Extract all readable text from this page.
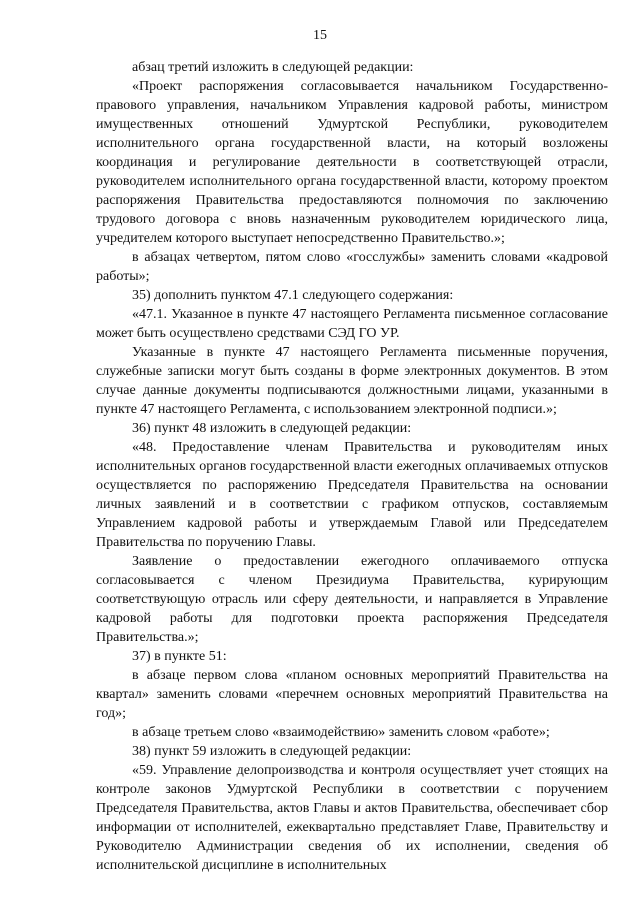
15

абзац третий изложить в следующей редакции:

«Проект распоряжения согласовывается начальником Государственно-правового управления, начальником Управления кадровой работы, министром имущественных отношений Удмуртской Республики, руководителем исполнительного органа государственной власти, на который возложены координация и регулирование деятельности в соответствующей отрасли, руководителем исполнительного органа государственной власти, которому проектом распоряжения Правительства предоставляются полномочия по заключению трудового договора с вновь назначенным руководителем юридического лица, учредителем которого выступает непосредственно Правительство.»;

в абзацах четвертом, пятом слово «госслужбы» заменить словами «кадровой работы»;

35) дополнить пунктом 47.1 следующего содержания:

«47.1. Указанное в пункте 47 настоящего Регламента письменное согласование может быть осуществлено средствами СЭД ГО УР.

Указанные в пункте 47 настоящего Регламента письменные поручения, служебные записки могут быть созданы в форме электронных документов. В этом случае данные документы подписываются должностными лицами, указанными в пункте 47 настоящего Регламента, с использованием электронной подписи.»;

36) пункт 48 изложить в следующей редакции:

«48. Предоставление членам Правительства и руководителям иных исполнительных органов государственной власти ежегодных оплачиваемых отпусков осуществляется по распоряжению Председателя Правительства на основании личных заявлений и в соответствии с графиком отпусков, составляемым Управлением кадровой работы и утверждаемым Главой или Председателем Правительства по поручению Главы.

Заявление о предоставлении ежегодного оплачиваемого отпуска согласовывается с членом Президиума Правительства, курирующим соответствующую отрасль или сферу деятельности, и направляется в Управление кадровой работы для подготовки проекта распоряжения Председателя Правительства.»;

37) в пункте 51:

в абзаце первом слова «планом основных мероприятий Правительства на квартал» заменить словами «перечнем основных мероприятий Правительства на год»;

в абзаце третьем слово «взаимодействию» заменить словом «работе»;

38) пункт 59 изложить в следующей редакции:

«59. Управление делопроизводства и контроля осуществляет учет стоящих на контроле законов Удмуртской Республики в соответствии с поручением Председателя Правительства, актов Главы и актов Правительства, обеспечивает сбор информации от исполнителей, ежеквартально представляет Главе, Правительству и Руководителю Администрации сведения об их исполнении, сведения об исполнительской дисциплине в исполнительных
